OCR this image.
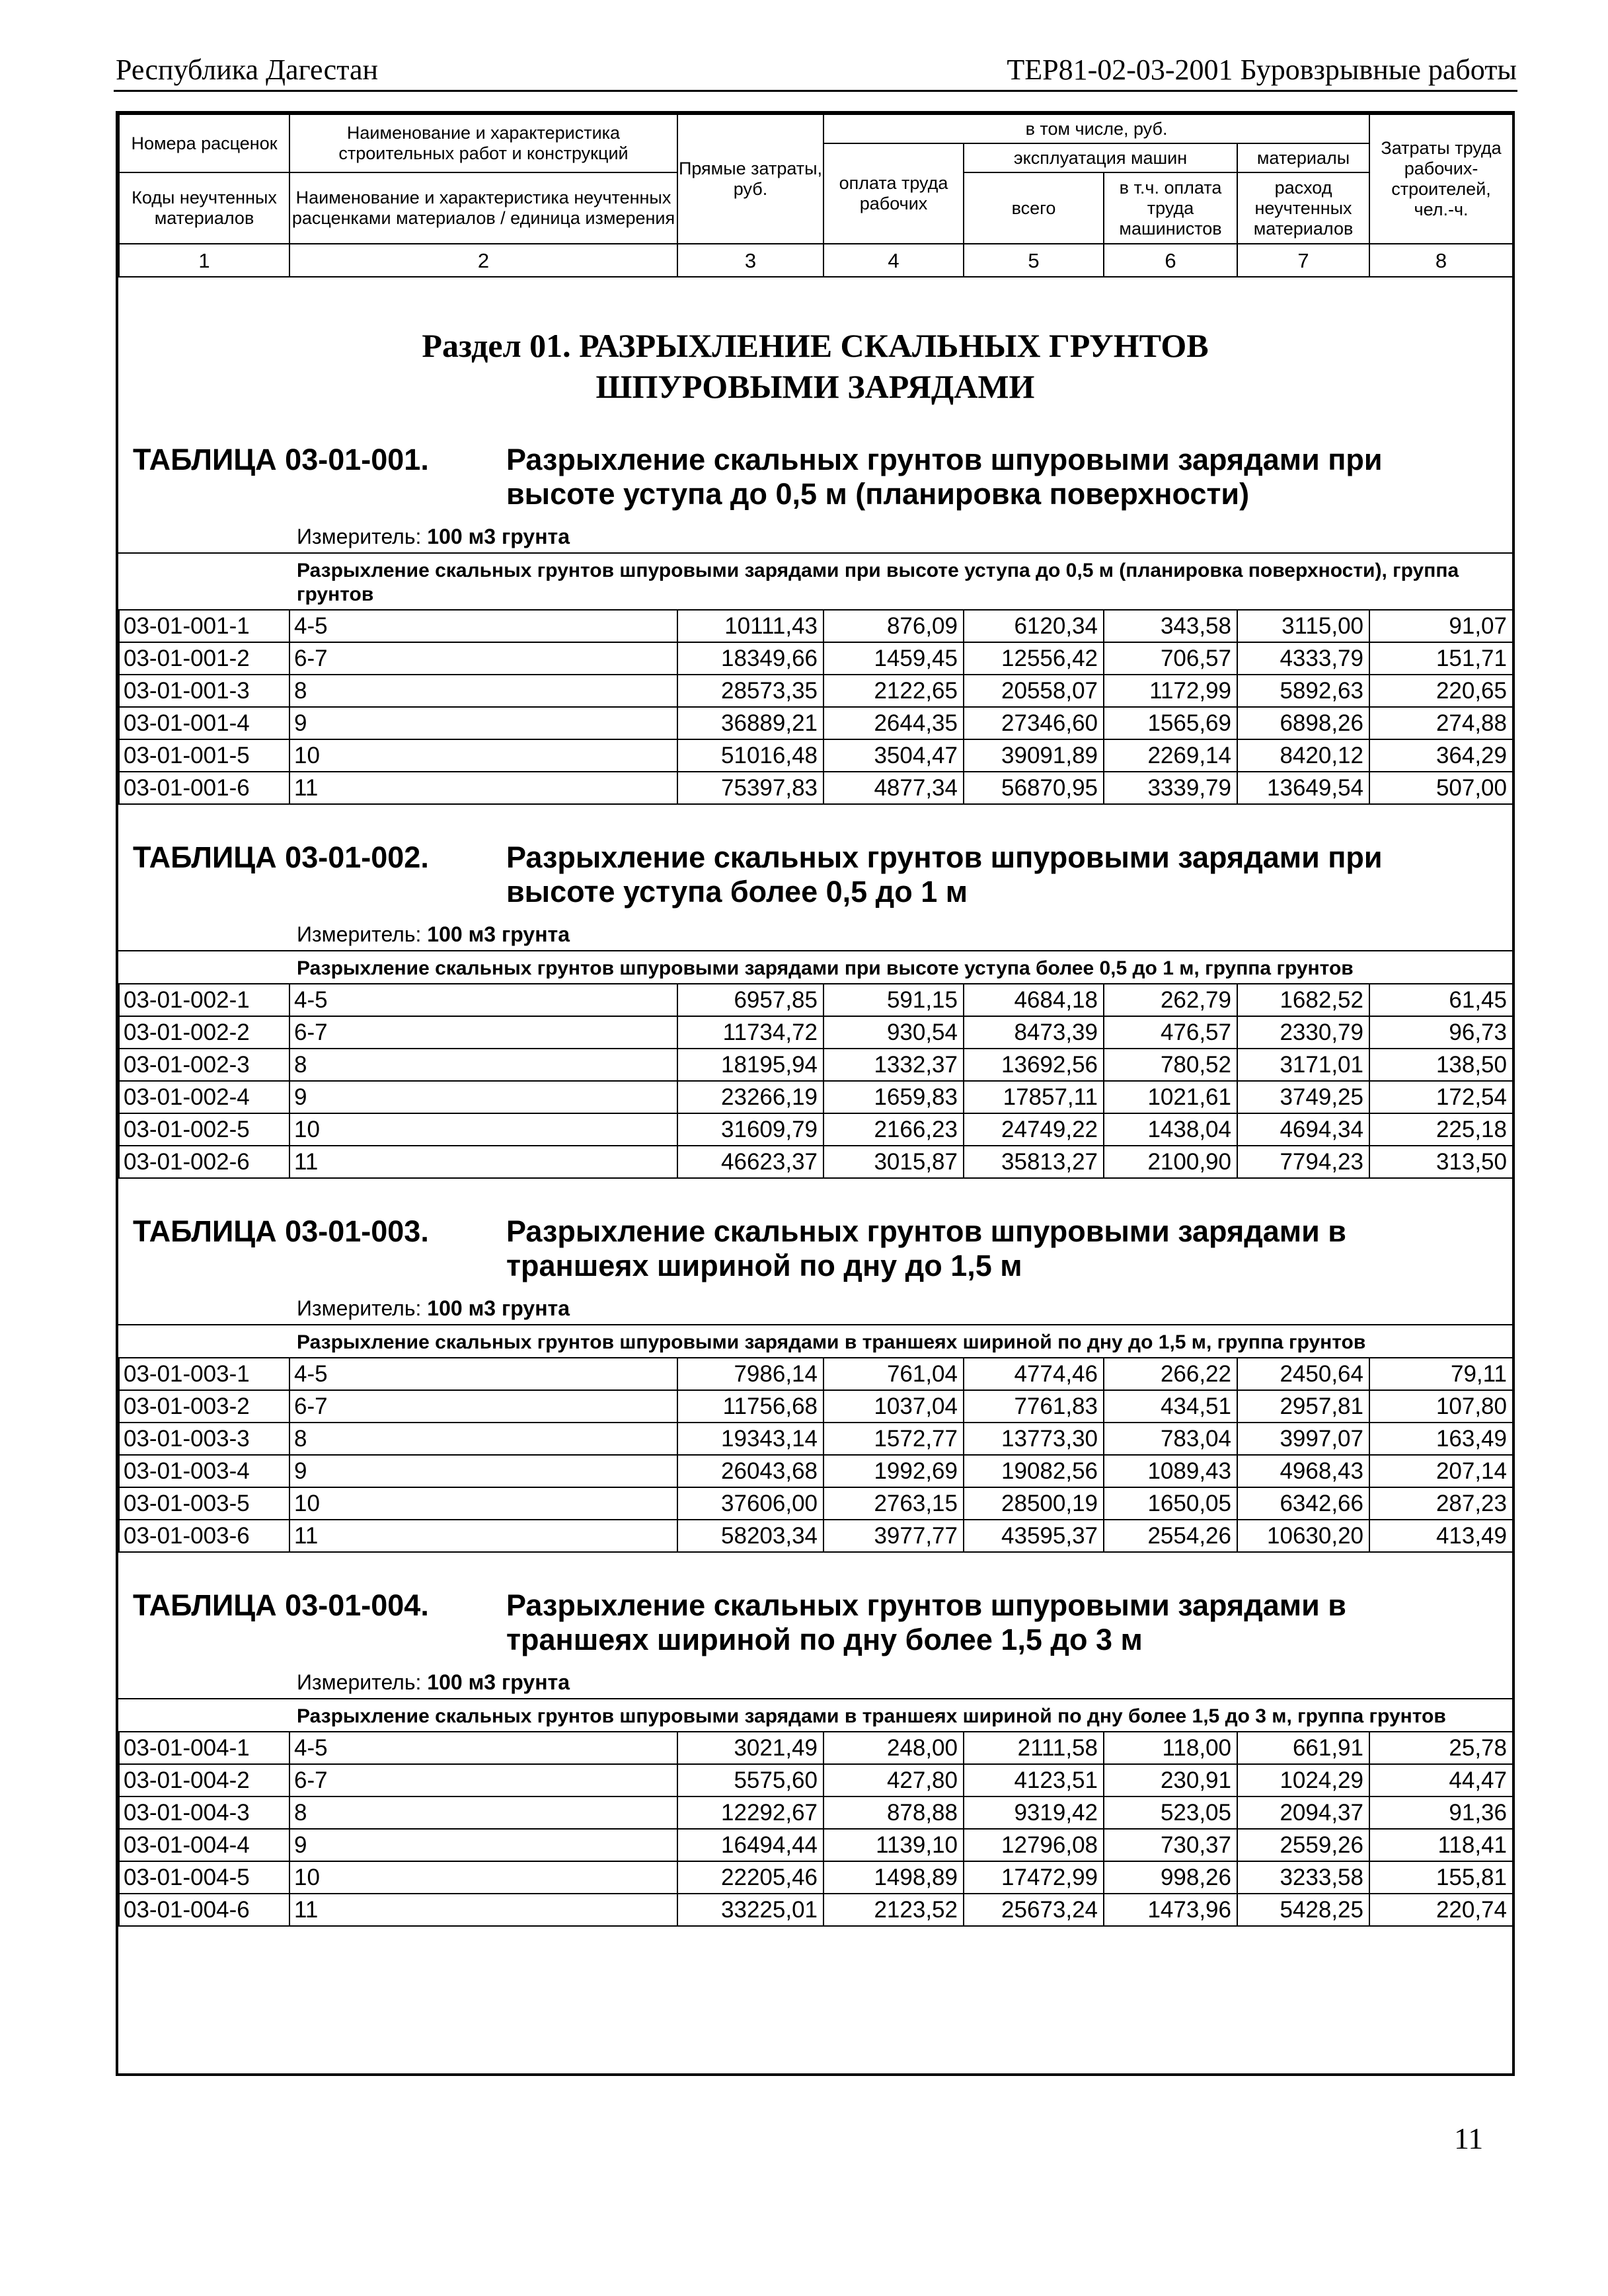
Республика Дагестан	ТЕР81-02-03-2001 Буровзрывные работы
Номера расценок	Наименование и характеристика строительных работ и конструкций	Прямые затраты, руб.	в том числе, руб.				Затраты труда рабочих-строителей, чел.-ч.
			оплата труда рабочих	эксплуатация машин		материалы	
Коды неучтенных материалов	Наименование и характеристика неучтенных расценками материалов / единица измерения			всего	в т.ч. оплата труда машинистов	расход неучтенных материалов	

1	2	3	4	5	6	7	8
Раздел 01. РАЗРЫХЛЕНИЕ СКАЛЬНЫХ ГРУНТОВ
ШПУРОВЫМИ ЗАРЯДАМИ
ТАБЛИЦА 03-01-001.	Разрыхление скальных грунтов шпуровыми зарядами при высоте уступа до 0,5 м (планировка поверхности)
Измеритель: 100 м3 грунта
Разрыхление скальных грунтов шпуровыми зарядами при высоте уступа до 0,5 м (планировка поверхности), группа грунтов
03-01-001-1	4-5	10111,43	876,09	6120,34	343,58	3115,00	91,07
03-01-001-2	6-7	18349,66	1459,45	12556,42	706,57	4333,79	151,71
03-01-001-3	8	28573,35	2122,65	20558,07	1172,99	5892,63	220,65
03-01-001-4	9	36889,21	2644,35	27346,60	1565,69	6898,26	274,88
03-01-001-5	10	51016,48	3504,47	39091,89	2269,14	8420,12	364,29
03-01-001-6	11	75397,83	4877,34	56870,95	3339,79	13649,54	507,00
ТАБЛИЦА 03-01-002.	Разрыхление скальных грунтов шпуровыми зарядами при высоте уступа более 0,5 до 1 м
Измеритель: 100 м3 грунта
Разрыхление скальных грунтов шпуровыми зарядами при высоте уступа более 0,5 до 1 м, группа грунтов
03-01-002-1	4-5	6957,85	591,15	4684,18	262,79	1682,52	61,45
03-01-002-2	6-7	11734,72	930,54	8473,39	476,57	2330,79	96,73
03-01-002-3	8	18195,94	1332,37	13692,56	780,52	3171,01	138,50
03-01-002-4	9	23266,19	1659,83	17857,11	1021,61	3749,25	172,54
03-01-002-5	10	31609,79	2166,23	24749,22	1438,04	4694,34	225,18
03-01-002-6	11	46623,37	3015,87	35813,27	2100,90	7794,23	313,50
ТАБЛИЦА 03-01-003.	Разрыхление скальных грунтов шпуровыми зарядами в траншеях шириной по дну до 1,5 м
Измеритель: 100 м3 грунта
Разрыхление скальных грунтов шпуровыми зарядами в траншеях шириной по дну до 1,5 м, группа грунтов
03-01-003-1	4-5	7986,14	761,04	4774,46	266,22	2450,64	79,11
03-01-003-2	6-7	11756,68	1037,04	7761,83	434,51	2957,81	107,80
03-01-003-3	8	19343,14	1572,77	13773,30	783,04	3997,07	163,49
03-01-003-4	9	26043,68	1992,69	19082,56	1089,43	4968,43	207,14
03-01-003-5	10	37606,00	2763,15	28500,19	1650,05	6342,66	287,23
03-01-003-6	11	58203,34	3977,77	43595,37	2554,26	10630,20	413,49
ТАБЛИЦА 03-01-004.	Разрыхление скальных грунтов шпуровыми зарядами в траншеях шириной по дну более 1,5 до 3 м
Измеритель: 100 м3 грунта
Разрыхление скальных грунтов шпуровыми зарядами в траншеях шириной по дну более 1,5 до 3 м, группа грунтов
03-01-004-1	4-5	3021,49	248,00	2111,58	118,00	661,91	25,78
03-01-004-2	6-7	5575,60	427,80	4123,51	230,91	1024,29	44,47
03-01-004-3	8	12292,67	878,88	9319,42	523,05	2094,37	91,36
03-01-004-4	9	16494,44	1139,10	12796,08	730,37	2559,26	118,41
03-01-004-5	10	22205,46	1498,89	17472,99	998,26	3233,58	155,81
03-01-004-6	11	33225,01	2123,52	25673,24	1473,96	5428,25	220,74
11
